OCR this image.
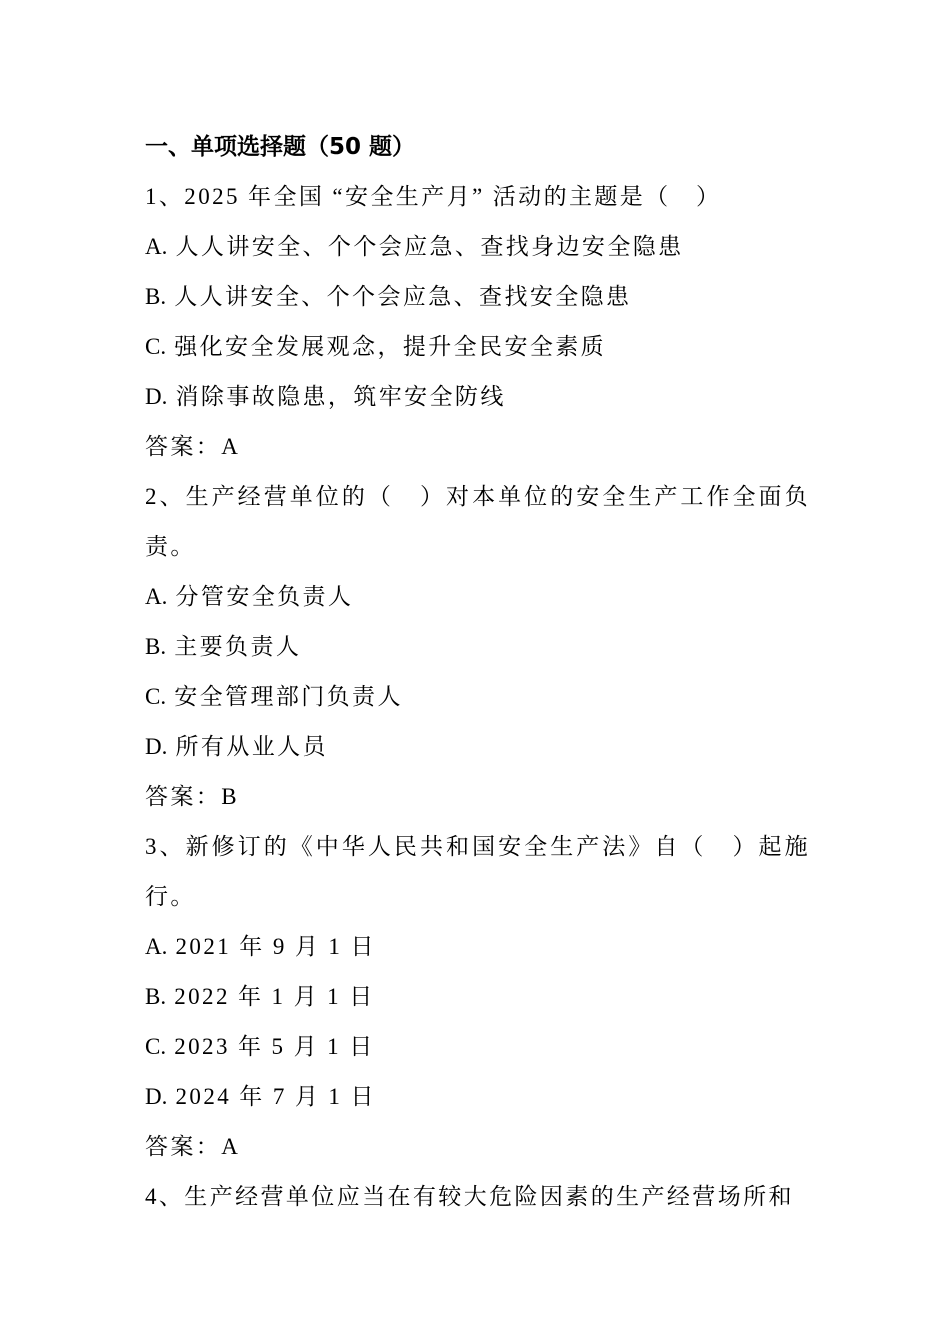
一、单项选择题（50 题）
1、2025 年全国 “安全生产月” 活动的主题是（　）
A. 人人讲安全、个个会应急、查找身边安全隐患
B. 人人讲安全、个个会应急、查找安全隐患
C. 强化安全发展观念，提升全民安全素质
D. 消除事故隐患，筑牢安全防线
答案：A
2、生产经营单位的（　）对本单位的安全生产工作全面负责。
A. 分管安全负责人
B. 主要负责人
C. 安全管理部门负责人
D. 所有从业人员
答案：B
3、新修订的《中华人民共和国安全生产法》自（　）起施行。
A. 2021 年 9 月 1 日
B. 2022 年 1 月 1 日
C. 2023 年 5 月 1 日
D. 2024 年 7 月 1 日
答案：A
4、生产经营单位应当在有较大危险因素的生产经营场所和
